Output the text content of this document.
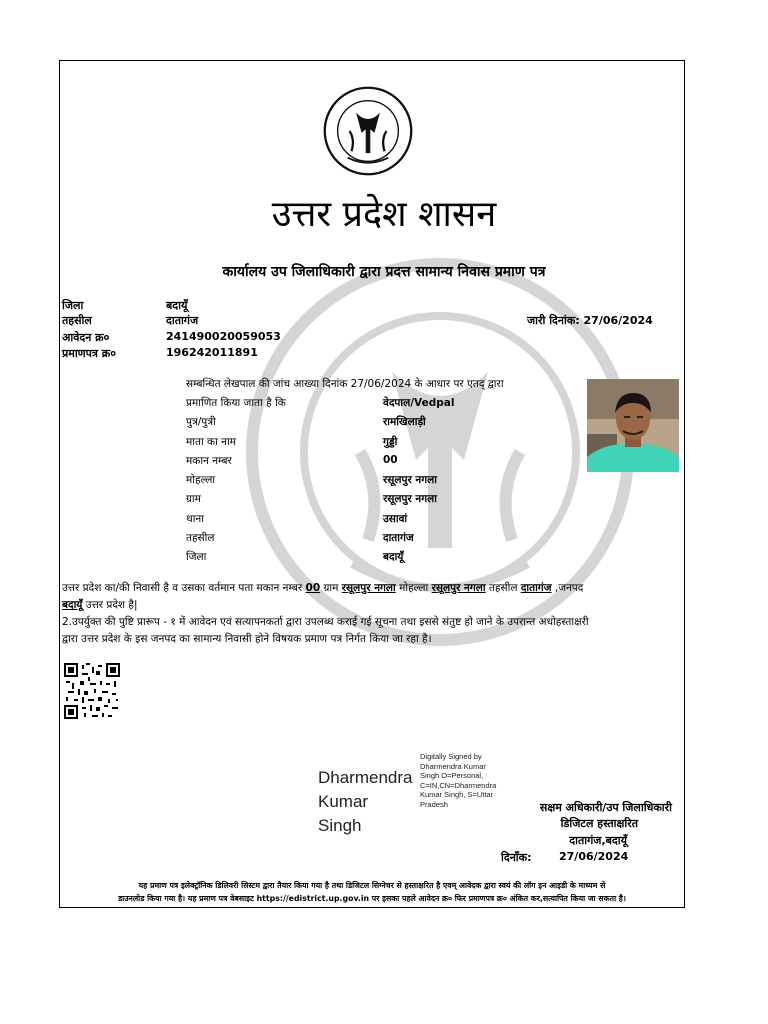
उत्तर प्रदेश शासन
कार्यालय उप जिलाधिकारी द्वारा प्रदत्त सामान्य निवास प्रमाण पत्र
जिला	बदायूँ
तहसील	दातागंज
आवेदन क्र०	241490020059053
प्रमाणपत्र क्र०	196242011891
जारी दिनांक: 27/06/2024
सम्बन्धित लेखपाल की जांच आख्या दिनांक 27/06/2024 के आधार पर एतद् द्वारा
प्रमाणित किया जाता है कि	वेदपाल/Vedpal
पुत्र/पुत्री	रामखिलाड़ी
माता का नाम	गुड्डी
मकान नम्बर	00
मोहल्ला	रसूलपुर नगला
ग्राम	रसूलपुर नगला
थाना	उसावां
तहसील	दातागंज
जिला	बदायूँ
उत्तर प्रदेश का/की निवासी है व उसका वर्तमान पता मकान नम्बर 00 ग्राम रसूलपुर नगला मोहल्ला रसूलपुर नगला तहसील दातागंज ,जनपद
बदायूँ उत्तर प्रदेश है|
2.उपर्युक्त की पुष्टि प्रारूप - १ में आवेदन एवं सत्यापनकर्ता द्वारा उपलब्ध कराई गई सूचना तथा इससे संतुष्ट हो जाने के उपरान्त अधोहस्ताक्षरी
द्वारा उत्तर प्रदेश के इस जनपद का सामान्य निवासी होने विषयक प्रमाण पत्र निर्गत किया जा रहा है।
Dharmendra
Kumar
Singh
Digitally Signed by
Dharmendra Kumar
Singh O=Personal,
C=IN,CN=Dharmendra
Kumar Singh, S=Uttar
Pradesh	सक्षम अधिकारी/उप जिलाधिकारी
डिजिटल हस्ताक्षरित
दातागंज,बदायूँ
दिनाँक:	27/06/2024
यह प्रमाण पत्र इलेक्ट्रॉनिक डिलिवरी सिस्टम द्वारा तैयार किया गया है तथा डिजिटल सिग्नेचर से हस्ताक्षरित है एवम् आवेदक द्वारा स्वयं की लॉग इन आइडी के माध्यम से
डाउनलोड किया गया है। यह प्रमाण पत्र वेबसाइट https://edistrict.up.gov.in पर इसका पहले आवेदन क्र० फिर प्रमाणपत्र क्र० अंकित कर,सत्यापित किया जा सकता है।
